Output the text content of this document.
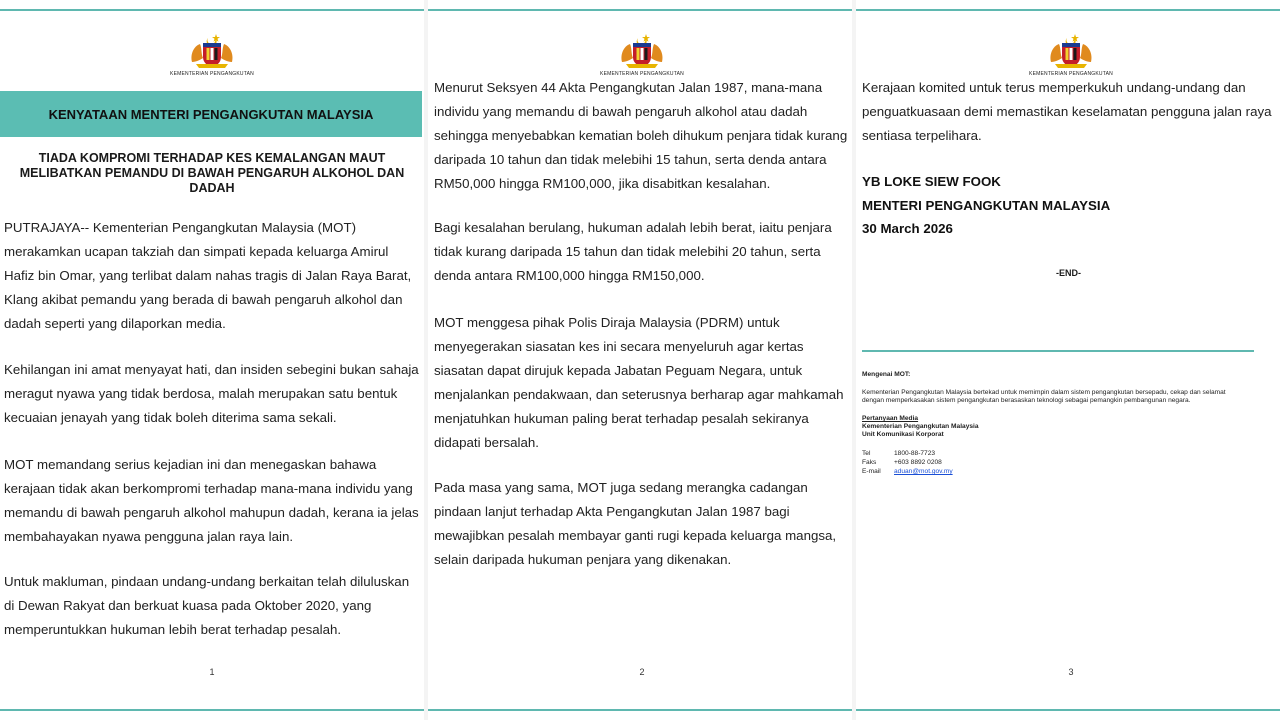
KEMENTERIAN PENGANGKUTAN
KENYATAAN MENTERI PENGANGKUTAN MALAYSIA
TIADA KOMPROMI TERHADAP KES KEMALANGAN MAUT MELIBATKAN PEMANDU DI BAWAH PENGARUH ALKOHOL DAN DADAH

PUTRAJAYA-- Kementerian Pengangkutan Malaysia (MOT) merakamkan ucapan takziah dan simpati kepada keluarga Amirul Hafiz bin Omar, yang terlibat dalam nahas tragis di Jalan Raya Barat, Klang akibat pemandu yang berada di bawah pengaruh alkohol dan dadah seperti yang dilaporkan media.

Kehilangan ini amat menyayat hati, dan insiden sebegini bukan sahaja meragut nyawa yang tidak berdosa, malah merupakan satu bentuk kecuaian jenayah yang tidak boleh diterima sama sekali.

MOT memandang serius kejadian ini dan menegaskan bahawa kerajaan tidak akan berkompromi terhadap mana-mana individu yang memandu di bawah pengaruh alkohol mahupun dadah, kerana ia jelas membahayakan nyawa pengguna jalan raya lain.

Untuk makluman, pindaan undang-undang berkaitan telah diluluskan di Dewan Rakyat dan berkuat kuasa pada Oktober 2020, yang memperuntukkan hukuman lebih berat terhadap pesalah.

1
KEMENTERIAN PENGANGKUTAN

Menurut Seksyen 44 Akta Pengangkutan Jalan 1987, mana-mana individu yang memandu di bawah pengaruh alkohol atau dadah sehingga menyebabkan kematian boleh dihukum penjara tidak kurang daripada 10 tahun dan tidak melebihi 15 tahun, serta denda antara RM50,000 hingga RM100,000, jika disabitkan kesalahan.

Bagi kesalahan berulang, hukuman adalah lebih berat, iaitu penjara tidak kurang daripada 15 tahun dan tidak melebihi 20 tahun, serta denda antara RM100,000 hingga RM150,000.

MOT menggesa pihak Polis Diraja Malaysia (PDRM) untuk menyegerakan siasatan kes ini secara menyeluruh agar kertas siasatan dapat dirujuk kepada Jabatan Peguam Negara, untuk menjalankan pendakwaan, dan seterusnya berharap agar mahkamah menjatuhkan hukuman paling berat terhadap pesalah sekiranya didapati bersalah.

Pada masa yang sama, MOT juga sedang merangka cadangan pindaan lanjut terhadap Akta Pengangkutan Jalan 1987 bagi mewajibkan pesalah membayar ganti rugi kepada keluarga mangsa, selain daripada hukuman penjara yang dikenakan.

2
KEMENTERIAN PENGANGKUTAN

Kerajaan komited untuk terus memperkukuh undang-undang dan penguatkuasaan demi memastikan keselamatan pengguna jalan raya sentiasa terpelihara.

YB LOKE SIEW FOOK
MENTERI PENGANGKUTAN MALAYSIA
30 March 2026
-END-
Mengenai MOT:
Kementerian Pengangkutan Malaysia bertekad untuk memimpin dalam sistem pengangkutan bersepadu, cekap dan selamat
dengan memperkasakan sistem pengangkutan berasaskan teknologi sebagai pemangkin pembangunan negara.
Pertanyaan Media
Kementerian Pengangkutan Malaysia
Unit Komunikasi Korporat
Tel	1800-88-7723
Faks	+603 8892 0208
E-mail	aduan@mot.gov.my
3
